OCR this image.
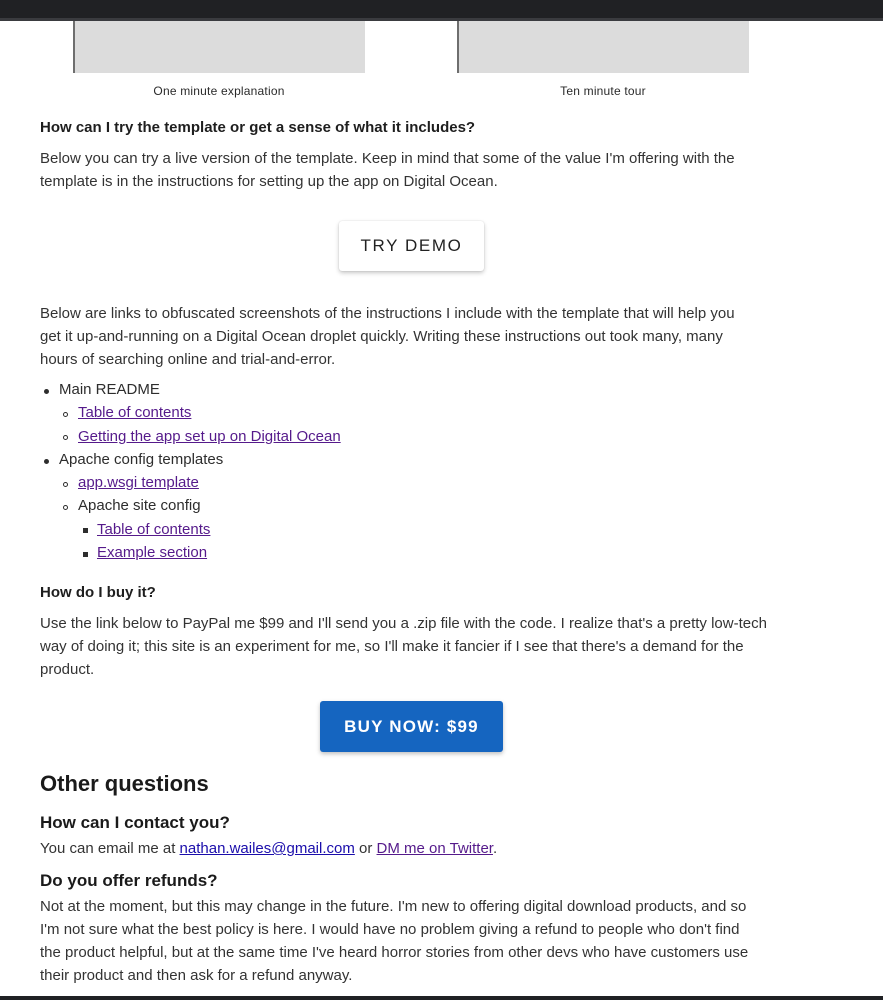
One minute explanation	Ten minute tour
How can I try the template or get a sense of what it includes?
Below you can try a live version of the template. Keep in mind that some of the value I'm offering with the
template is in the instructions for setting up the app on Digital Ocean.
TRY DEMO
Below are links to obfuscated screenshots of the instructions I include with the template that will help you
get it up-and-running on a Digital Ocean droplet quickly. Writing these instructions out took many, many
hours of searching online and trial-and-error.
Main README
Table of contents
Getting the app set up on Digital Ocean
Apache config templates
app.wsgi template
Apache site config
Table of contents
Example section
How do I buy it?
Use the link below to PayPal me $99 and I'll send you a .zip file with the code. I realize that's a pretty low-tech
way of doing it; this site is an experiment for me, so I'll make it fancier if I see that there's a demand for the
product.
BUY NOW: $99
Other questions
How can I contact you?
You can email me at nathan.wailes@gmail.com or DM me on Twitter.
Do you offer refunds?
Not at the moment, but this may change in the future. I'm new to offering digital download products, and so
I'm not sure what the best policy is here. I would have no problem giving a refund to people who don't find
the product helpful, but at the same time I've heard horror stories from other devs who have customers use
their product and then ask for a refund anyway.
